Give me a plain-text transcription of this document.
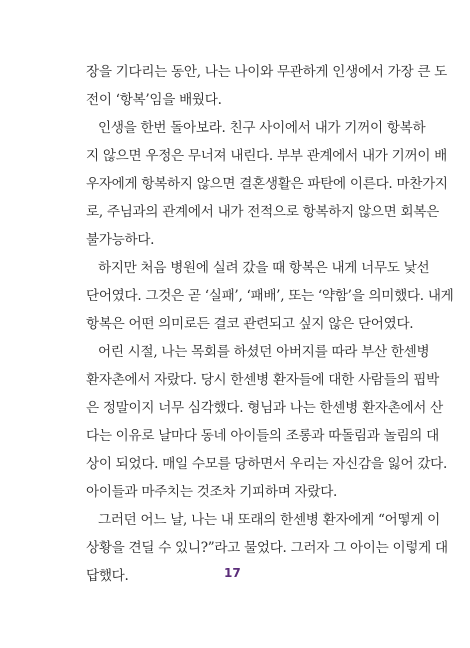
장을 기다리는 동안, 나는 나이와 무관하게 인생에서 가장 큰 도
전이 ‘항복’임을 배웠다.

인생을 한번 돌아보라. 친구 사이에서 내가 기꺼이 항복하
지 않으면 우정은 무너져 내린다. 부부 관계에서 내가 기꺼이 배
우자에게 항복하지 않으면 결혼생활은 파탄에 이른다. 마찬가지
로, 주님과의 관계에서 내가 전적으로 항복하지 않으면 회복은
불가능하다.

하지만 처음 병원에 실려 갔을 때 항복은 내게 너무도 낯선
단어였다. 그것은 곧 ‘실패’, ‘패배’, 또는 ‘약함’을 의미했다. 내게
항복은 어떤 의미로든 결코 관련되고 싶지 않은 단어였다.

어린 시절, 나는 목회를 하셨던 아버지를 따라 부산 한센병
환자촌에서 자랐다. 당시 한센병 환자들에 대한 사람들의 핍박
은 정말이지 너무 심각했다. 형님과 나는 한센병 환자촌에서 산
다는 이유로 날마다 동네 아이들의 조롱과 따돌림과 놀림의 대
상이 되었다. 매일 수모를 당하면서 우리는 자신감을 잃어 갔다.
아이들과 마주치는 것조차 기피하며 자랐다.

그러던 어느 날, 나는 내 또래의 한센병 환자에게 “어떻게 이
상황을 견딜 수 있니?”라고 물었다. 그러자 그 아이는 이렇게 대
답했다.	17
